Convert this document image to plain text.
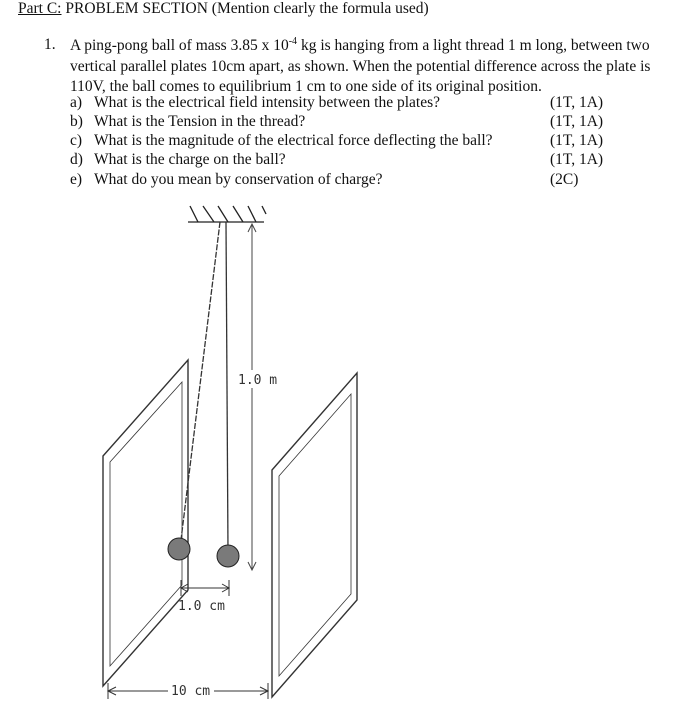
Part C: PROBLEM SECTION (Mention clearly the formula used)
1. A ping-pong ball of mass 3.85 x $10^{-4}$ kg is hanging from a light thread 1 m long, between two vertical parallel plates 10cm apart, as shown. When the potential difference across the plate is 110V, the ball comes to equilibrium 1 cm to one side of its original position.
a) What is the electrical field intensity between the plates?	(1T, 1A)
b) What is the Tension in the thread?	(1T, 1A)
c) What is the magnitude of the electrical force deflecting the ball?	(1T, 1A)
d) What is the charge on the ball?	(1T, 1A)
e) What do you mean by conservation of charge?	(2C)
1.0 m
1.0 cm
10 cm
